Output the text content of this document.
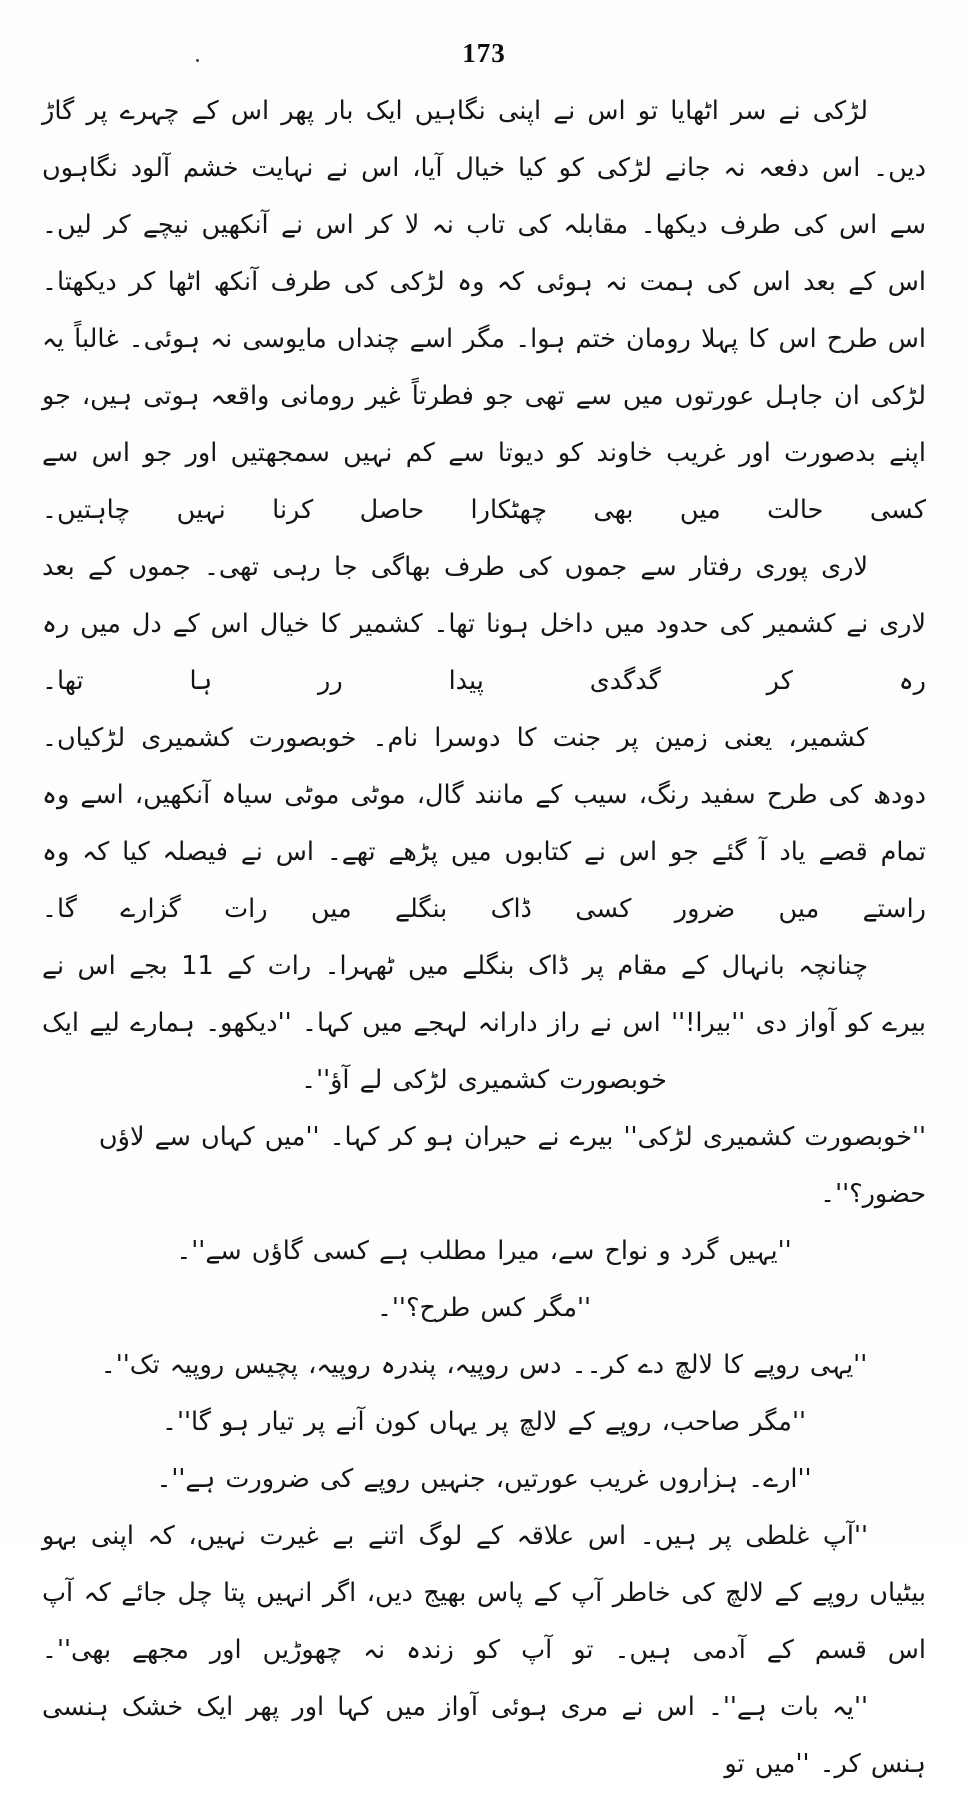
173

لڑکی نے سر اٹھایا تو اس نے اپنی نگاہیں ایک بار پھر اس کے چہرے پر گاڑ دیں۔ اس دفعہ نہ جانے لڑکی کو کیا خیال آیا، اس نے نہایت خشم آلود نگاہوں سے اس کی طرف دیکھا۔ مقابلہ کی تاب نہ لا کر اس نے آنکھیں نیچے کر لیں۔ اس کے بعد اس کی ہمت نہ ہوئی کہ وہ لڑکی کی طرف آنکھ اٹھا کر دیکھتا۔ اس طرح اس کا پہلا رومان ختم ہوا۔ مگر اسے چنداں مایوسی نہ ہوئی۔ غالباً یہ لڑکی ان جاہل عورتوں میں سے تھی جو فطرتاً غیر رومانی واقعہ ہوتی ہیں، جو اپنے بدصورت اور غریب خاوند کو دیوتا سے کم نہیں سمجھتیں اور جو اس سے کسی حالت میں بھی چھٹکارا حاصل کرنا نہیں چاہتیں۔

لاری پوری رفتار سے جموں کی طرف بھاگی جا رہی تھی۔ جموں کے بعد لاری نے کشمیر کی حدود میں داخل ہونا تھا۔ کشمیر کا خیال اس کے دل میں رہ رہ کر گدگدی پیدا رر ہا تھا۔

کشمیر، یعنی زمین پر جنت کا دوسرا نام۔ خوبصورت کشمیری لڑکیاں۔ دودھ کی طرح سفید رنگ، سیب کے مانند گال، موٹی موٹی سیاہ آنکھیں، اسے وہ تمام قصے یاد آ گئے جو اس نے کتابوں میں پڑھے تھے۔ اس نے فیصلہ کیا کہ وہ راستے میں ضرور کسی ڈاک بنگلے میں رات گزارے گا۔

چنانچہ بانہال کے مقام پر ڈاک بنگلے میں ٹھہرا۔ رات کے 11 بجے اس نے بیرے کو آواز دی ''بیرا!'' اس نے راز دارانہ لہجے میں کہا۔ ''دیکھو۔ ہمارے لیے ایک خوبصورت کشمیری لڑکی لے آؤ''۔

''خوبصورت کشمیری لڑکی'' بیرے نے حیران ہو کر کہا۔ ''میں کہاں سے لاؤں حضور؟''۔

''یہیں گرد و نواح سے، میرا مطلب ہے کسی گاؤں سے''۔

''مگر کس طرح؟''۔

''یہی روپے کا لالچ دے کر۔۔ دس روپیہ، پندرہ روپیہ، پچیس روپیہ تک''۔

''مگر صاحب، روپے کے لالچ پر یہاں کون آنے پر تیار ہو گا''۔

''ارے۔ ہزاروں غریب عورتیں، جنہیں روپے کی ضرورت ہے''۔

''آپ غلطی پر ہیں۔ اس علاقہ کے لوگ اتنے بے غیرت نہیں، کہ اپنی بہو بیٹیاں روپے کے لالچ کی خاطر آپ کے پاس بھیج دیں، اگر انہیں پتا چل جائے کہ آپ اس قسم کے آدمی ہیں۔ تو آپ کو زندہ نہ چھوڑیں اور مجھے بھی''۔

''یہ بات ہے''۔ اس نے مری ہوئی آواز میں کہا اور پھر ایک خشک ہنسی ہنس کر۔ ''میں تو
